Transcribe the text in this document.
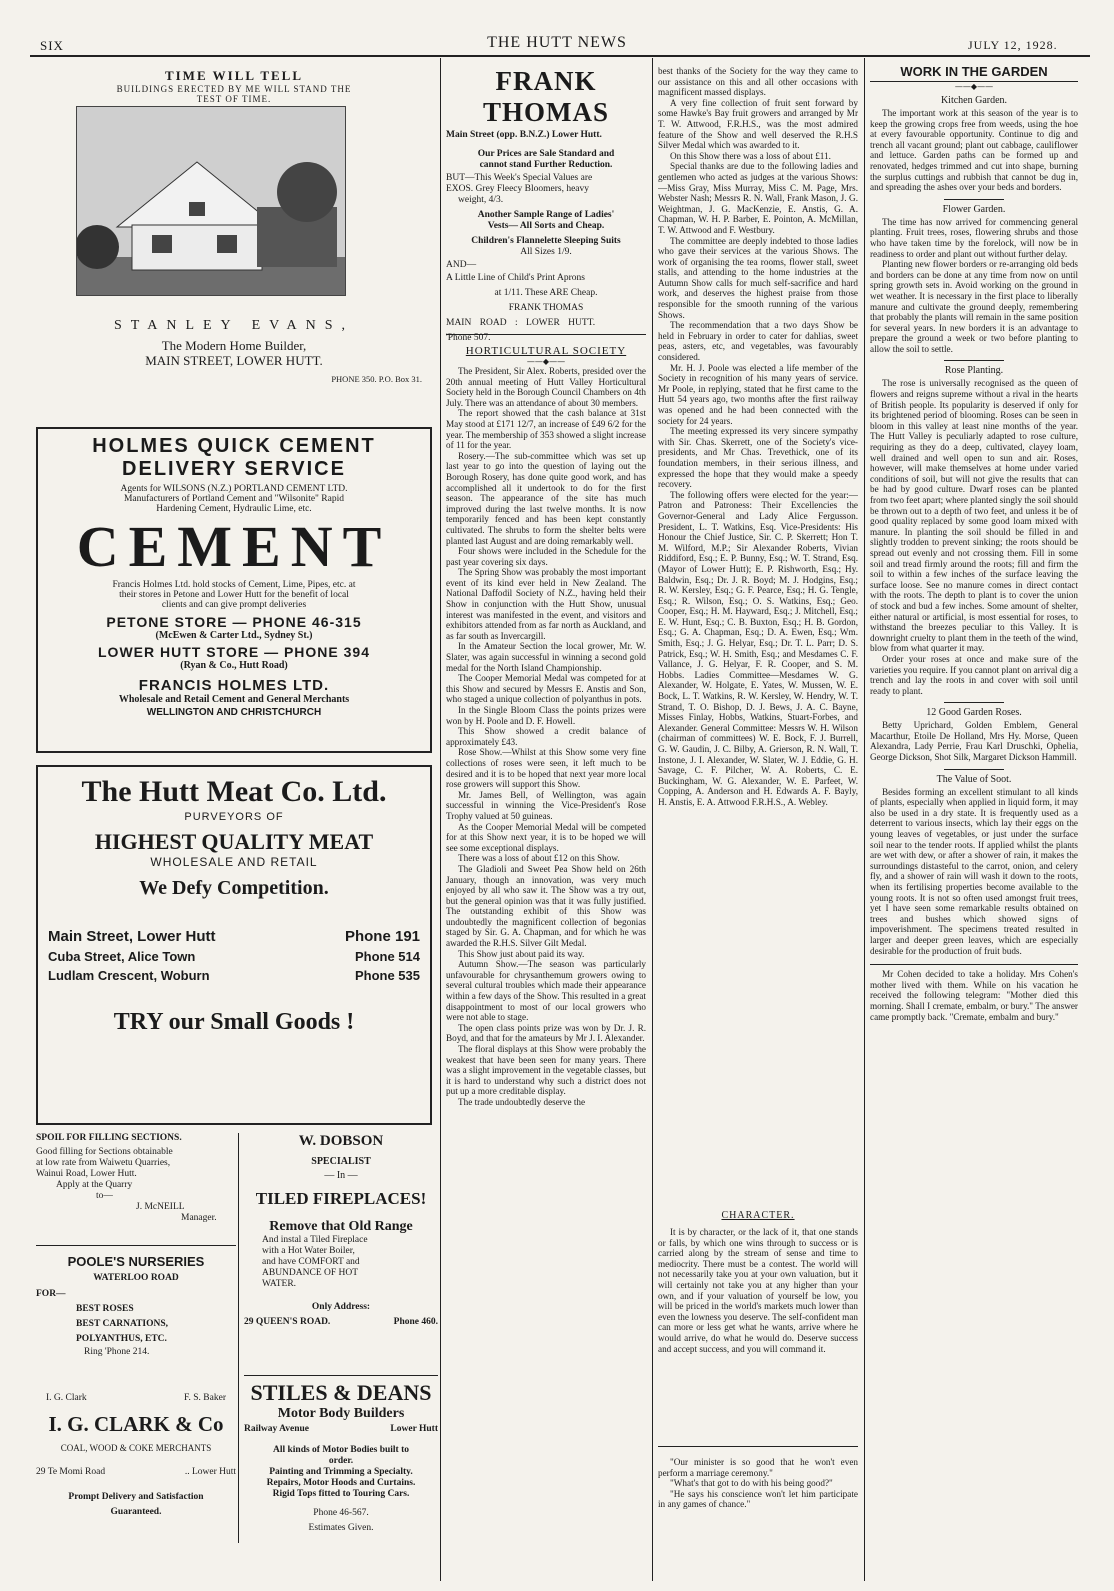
SIX	THE HUTT NEWS	JULY 12, 1928.
TIME WILL TELL
BUILDINGS ERECTED BY ME WILL STAND THE
TEST OF TIME.
STANLEY EVANS,
The Modern Home Builder,
MAIN STREET, LOWER HUTT.
PHONE 350. P.O. Box 31.
HOLMES QUICK CEMENT
DELIVERY SERVICE
Agents for WILSONS (N.Z.) PORTLAND CEMENT LTD.
Manufacturers of Portland Cement and "Wilsonite" Rapid
Hardening Cement, Hydraulic Lime, etc.
CEMENT
Francis Holmes Ltd. hold stocks of Cement, Lime, Pipes, etc. at
their stores in Petone and Lower Hutt for the benefit of local
clients and can give prompt deliveries
PETONE STORE — PHONE 46-315
(McEwen & Carter Ltd., Sydney St.)
LOWER HUTT STORE — PHONE 394
(Ryan & Co., Hutt Road)
FRANCIS HOLMES LTD.
Wholesale and Retail Cement and General Merchants
WELLINGTON AND CHRISTCHURCH
The Hutt Meat Co. Ltd.
PURVEYORS OF
HIGHEST QUALITY MEAT
WHOLESALE AND RETAIL
We Defy Competition.
Main Street, Lower Hutt	Phone 191
Cuba Street, Alice Town	Phone 514
Ludlam Crescent, Woburn	Phone 535
TRY our Small Goods !
SPOIL FOR FILLING SECTIONS.
Good filling for Sections obtainable
at low rate from Waiwetu Quarries,
Wainui Road, Lower Hutt.
Apply at the Quarry
to—
J. McNEILL
Manager.
POOLE'S NURSERIES
WATERLOO ROAD
FOR—
BEST ROSES
BEST CARNATIONS,
POLYANTHUS, ETC.
Ring 'Phone 214.
I. G. Clark	F. S. Baker
I. G. CLARK & Co
COAL, WOOD & COKE MERCHANTS
29 Te Momi Road	.. Lower Hutt
Prompt Delivery and Satisfaction
Guaranteed.
W. DOBSON
SPECIALIST
— In —
TILED FIREPLACES!
Remove that Old Range
And instal a Tiled Fireplace
with a Hot Water Boiler,
and have COMFORT and
ABUNDANCE OF HOT
WATER.
Only Address:
29 QUEEN'S ROAD.	Phone 460.
STILES & DEANS
Motor Body Builders
Railway Avenue	Lower Hutt
All kinds of Motor Bodies built to
order.
Painting and Trimming a Specialty.
Repairs, Motor Hoods and Curtains.
Rigid Tops fitted to Touring Cars.
Phone 46-567.
Estimates Given.
FRANK THOMAS
Main Street (opp. B.N.Z.) Lower Hutt.
Our Prices are Sale Standard and
cannot stand Further Reduction.
BUT—This Week's Special Values are
EXOS. Grey Fleecy Bloomers, heavy
weight, 4/3.
Another Sample Range of Ladies'
Vests— All Sorts and Cheap.
Children's Flannelette Sleeping Suits
All Sizes 1/9.
AND—
A Little Line of Child's Print Aprons
at 1/11. These ARE Cheap.
FRANK THOMAS
MAIN ROAD : LOWER HUTT.
'Phone 507.
HORTICULTURAL SOCIETY
——◆——

The President, Sir Alex. Roberts, presided over the 20th annual meeting of Hutt Valley Horticultural Society held in the Borough Council Chambers on 4th July. There was an attendance of about 30 members.

The report showed that the cash balance at 31st May stood at £171 12/7, an increase of £49 6/2 for the year. The membership of 353 showed a slight increase of 11 for the year.

Rosery.—The sub-committee which was set up last year to go into the question of laying out the Borough Rosery, has done quite good work, and has accomplished all it undertook to do for the first season. The appearance of the site has much improved during the last twelve months. It is now temporarily fenced and has been kept constantly cultivated. The shrubs to form the shelter belts were planted last August and are doing remarkably well.

Four shows were included in the Schedule for the past year covering six days.

The Spring Show was probably the most important event of its kind ever held in New Zealand. The National Daffodil Society of N.Z., having held their Show in conjunction with the Hutt Show, unusual interest was manifested in the event, and visitors and exhibitors attended from as far north as Auckland, and as far south as Invercargill.

In the Amateur Section the local grower, Mr. W. Slater, was again successful in winning a second gold medal for the North Island Championship.

The Cooper Memorial Medal was competed for at this Show and secured by Messrs E. Anstis and Son, who staged a unique collection of polyanthus in pots.

In the Single Bloom Class the points prizes were won by H. Poole and D. F. Howell.

This Show showed a credit balance of approximately £43.

Rose Show.—Whilst at this Show some very fine collections of roses were seen, it left much to be desired and it is to be hoped that next year more local rose growers will support this Show.

Mr. James Bell, of Wellington, was again successful in winning the Vice-President's Rose Trophy valued at 50 guineas.

As the Cooper Memorial Medal will be competed for at this Show next year, it is to be hoped we will see some exceptional displays.

There was a loss of about £12 on this Show.

The Gladioli and Sweet Pea Show held on 26th January, though an innovation, was very much enjoyed by all who saw it. The Show was a try out, but the general opinion was that it was fully justified. The outstanding exhibit of this Show was undoubtedly the magnificent collection of begonias staged by Sir. G. A. Chapman, and for which he was awarded the R.H.S. Silver Gilt Medal.

This Show just about paid its way.

Autumn Show.—The season was particularly unfavourable for chrysanthemum growers owing to several cultural troubles which made their appearance within a few days of the Show. This resulted in a great disappointment to most of our local growers who were not able to stage.

The open class points prize was won by Dr. J. R. Boyd, and that for the amateurs by Mr J. I. Alexander.

The floral displays at this Show were probably the weakest that have been seen for many years. There was a slight improvement in the vegetable classes, but it is hard to understand why such a district does not put up a more creditable display.

The trade undoubtedly deserve the

best thanks of the Society for the way they came to our assistance on this and all other occasions with magnificent massed displays.

A very fine collection of fruit sent forward by some Hawke's Bay fruit growers and arranged by Mr T. W. Attwood, F.R.H.S., was the most admired feature of the Show and well deserved the R.H.S Silver Medal which was awarded to it.

On this Show there was a loss of about £11.

Special thanks are due to the following ladies and gentlemen who acted as judges at the various Shows:—Miss Gray, Miss Murray, Miss C. M. Page, Mrs. Webster Nash; Messrs R. N. Wall, Frank Mason, J. G. Weightman, J. G. MacKenzie, E. Anstis, G. A. Chapman, W. H. P. Barber, E. Pointon, A. McMillan, T. W. Attwood and F. Westbury.

The committee are deeply indebted to those ladies who gave their services at the various Shows. The work of organising the tea rooms, flower stall, sweet stalls, and attending to the home industries at the Autumn Show calls for much self-sacrifice and hard work, and deserves the highest praise from those responsible for the smooth running of the various Shows.

The recommendation that a two days Show be held in February in order to cater for dahlias, sweet peas, asters, etc, and vegetables, was favourably considered.

Mr. H. J. Poole was elected a life member of the Society in recognition of his many years of service. Mr Poole, in replying, stated that he first came to the Hutt 54 years ago, two months after the first railway was opened and he had been connected with the society for 24 years.

The meeting expressed its very sincere sympathy with Sir. Chas. Skerrett, one of the Society's vice-presidents, and Mr Chas. Trevethick, one of its foundation members, in their serious illness, and expressed the hope that they would make a speedy recovery.

The following offers were elected for the year:—Patron and Patroness: Their Excellencies the Governor-General and Lady Alice Fergusson. President, L. T. Watkins, Esq. Vice-Presidents: His Honour the Chief Justice, Sir. C. P. Skerrett; Hon T. M. Wilford, M.P.; Sir Alexander Roberts, Vivian Riddiford, Esq.; E. P. Bunny, Esq.; W. T. Strand, Esq. (Mayor of Lower Hutt); E. P. Rishworth, Esq.; Hy. Baldwin, Esq.; Dr. J. R. Boyd; M. J. Hodgins, Esq.; R. W. Kersley, Esq.; G. F. Pearce, Esq.; H. G. Tengle, Esq.; R. Wilson, Esq.; O. S. Watkins, Esq.; Geo. Cooper, Esq.; H. M. Hayward, Esq.; J. Mitchell, Esq.; E. W. Hunt, Esq.; C. B. Buxton, Esq.; H. B. Gordon, Esq.; G. A. Chapman, Esq.; D. A. Ewen, Esq.; Wm. Smith, Esq.; J. G. Helyar, Esq.; Dr. T. L. Parr; D. S. Patrick, Esq.; W. H. Smith, Esq.; and Mesdames C. F. Vallance, J. G. Helyar, F. R. Cooper, and S. M. Hobbs. Ladies Committee—Mesdames W. G. Alexander, W. Holgate, E. Yates, W. Mussen, W. E. Bock, L. T. Watkins, R. W. Kersley, W. Hendry, W. T. Strand, T. O. Bishop, D. J. Bews, J. A. C. Bayne, Misses Finlay, Hobbs, Watkins, Stuart-Forbes, and Alexander. General Committee: Messrs W. H. Wilson (chairman of committees) W. E. Bock, F. J. Burrell, G. W. Gaudin, J. C. Bilby, A. Grierson, R. N. Wall, T. Instone, J. I. Alexander, W. Slater, W. J. Eddie, G. H. Savage, C. F. Pilcher, W. A. Roberts, C. E. Buckingham, W. G. Alexander, W. E. Parfeet, W. Copping, A. Anderson and H. Edwards A. F. Bayly, H. Anstis, E. A. Attwood F.R.H.S., A. Webley.

CHARACTER.

It is by character, or the lack of it, that one stands or falls, by which one wins through to success or is carried along by the stream of sense and time to mediocrity. There must be a contest. The world will not necessarily take you at your own valuation, but it will certainly not take you at any higher than your own, and if your valuation of yourself be low, you will be priced in the world's markets much lower than even the lowness you deserve. The self-confident man can more or less get what he wants, arrive where he would arrive, do what he would do. Deserve success and accept success, and you will command it.

"Our minister is so good that he won't even perform a marriage ceremony."

"What's that got to do with his being good?"

"He says his conscience won't let him participate in any games of chance."

WORK IN THE GARDEN
——◆——
Kitchen Garden.

The important work at this season of the year is to keep the growing crops free from weeds, using the hoe at every favourable opportunity. Continue to dig and trench all vacant ground; plant out cabbage, cauliflower and lettuce. Garden paths can be formed up and renovated, hedges trimmed and cut into shape, burning the surplus cuttings and rubbish that cannot be dug in, and spreading the ashes over your beds and borders.

Flower Garden.

The time has now arrived for commencing general planting. Fruit trees, roses, flowering shrubs and those who have taken time by the forelock, will now be in readiness to order and plant out without further delay.

Planting new flower borders or re-arranging old beds and borders can be done at any time from now on until spring growth sets in. Avoid working on the ground in wet weather. It is necessary in the first place to liberally manure and cultivate the ground deeply, remembering that probably the plants will remain in the same position for several years. In new borders it is an advantage to prepare the ground a week or two before planting to allow the soil to settle.

Rose Planting.

The rose is universally recognised as the queen of flowers and reigns supreme without a rival in the hearts of British people. Its popularity is deserved if only for its brightened period of blooming. Roses can be seen in bloom in this valley at least nine months of the year. The Hutt Valley is peculiarly adapted to rose culture, requiring as they do a deep, cultivated, clayey loam, well drained and well open to sun and air. Roses, however, will make themselves at home under varied conditions of soil, but will not give the results that can be had by good culture. Dwarf roses can be planted from two feet apart; where planted singly the soil should be thrown out to a depth of two feet, and unless it be of good quality replaced by some good loam mixed with manure. In planting the soil should be filled in and slightly trodden to prevent sinking; the roots should be spread out evenly and not crossing them. Fill in some soil and tread firmly around the roots; fill and firm the soil to within a few inches of the surface leaving the surface loose. See no manure comes in direct contact with the roots. The depth to plant is to cover the union of stock and bud a few inches. Some amount of shelter, either natural or artificial, is most essential for roses, to withstand the breezes peculiar to this Valley. It is downright cruelty to plant them in the teeth of the wind, blow from what quarter it may.

Order your roses at once and make sure of the varieties you require. If you cannot plant on arrival dig a trench and lay the roots in and cover with soil until ready to plant.

12 Good Garden Roses.

Betty Uprichard, Golden Emblem, General Macarthur, Etoile De Holland, Mrs Hy. Morse, Queen Alexandra, Lady Perrie, Frau Karl Druschki, Ophelia, George Dickson, Shot Silk, Margaret Dickson Hammill.

The Value of Soot.

Besides forming an excellent stimulant to all kinds of plants, especially when applied in liquid form, it may also be used in a dry state. It is frequently used as a deterrent to various insects, which lay their eggs on the young leaves of vegetables, or just under the surface soil near to the tender roots. If applied whilst the plants are wet with dew, or after a shower of rain, it makes the surroundings distasteful to the carrot, onion, and celery fly, and a shower of rain will wash it down to the roots, when its fertilising properties become available to the young roots. It is not so often used amongst fruit trees, yet I have seen some remarkable results obtained on trees and bushes which showed signs of impoverishment. The specimens treated resulted in larger and deeper green leaves, which are especially desirable for the production of fruit buds.

Mr Cohen decided to take a holiday. Mrs Cohen's mother lived with them. While on his vacation he received the following telegram: "Mother died this morning. Shall I cremate, embalm, or bury." The answer came promptly back. "Cremate, embalm and bury."
